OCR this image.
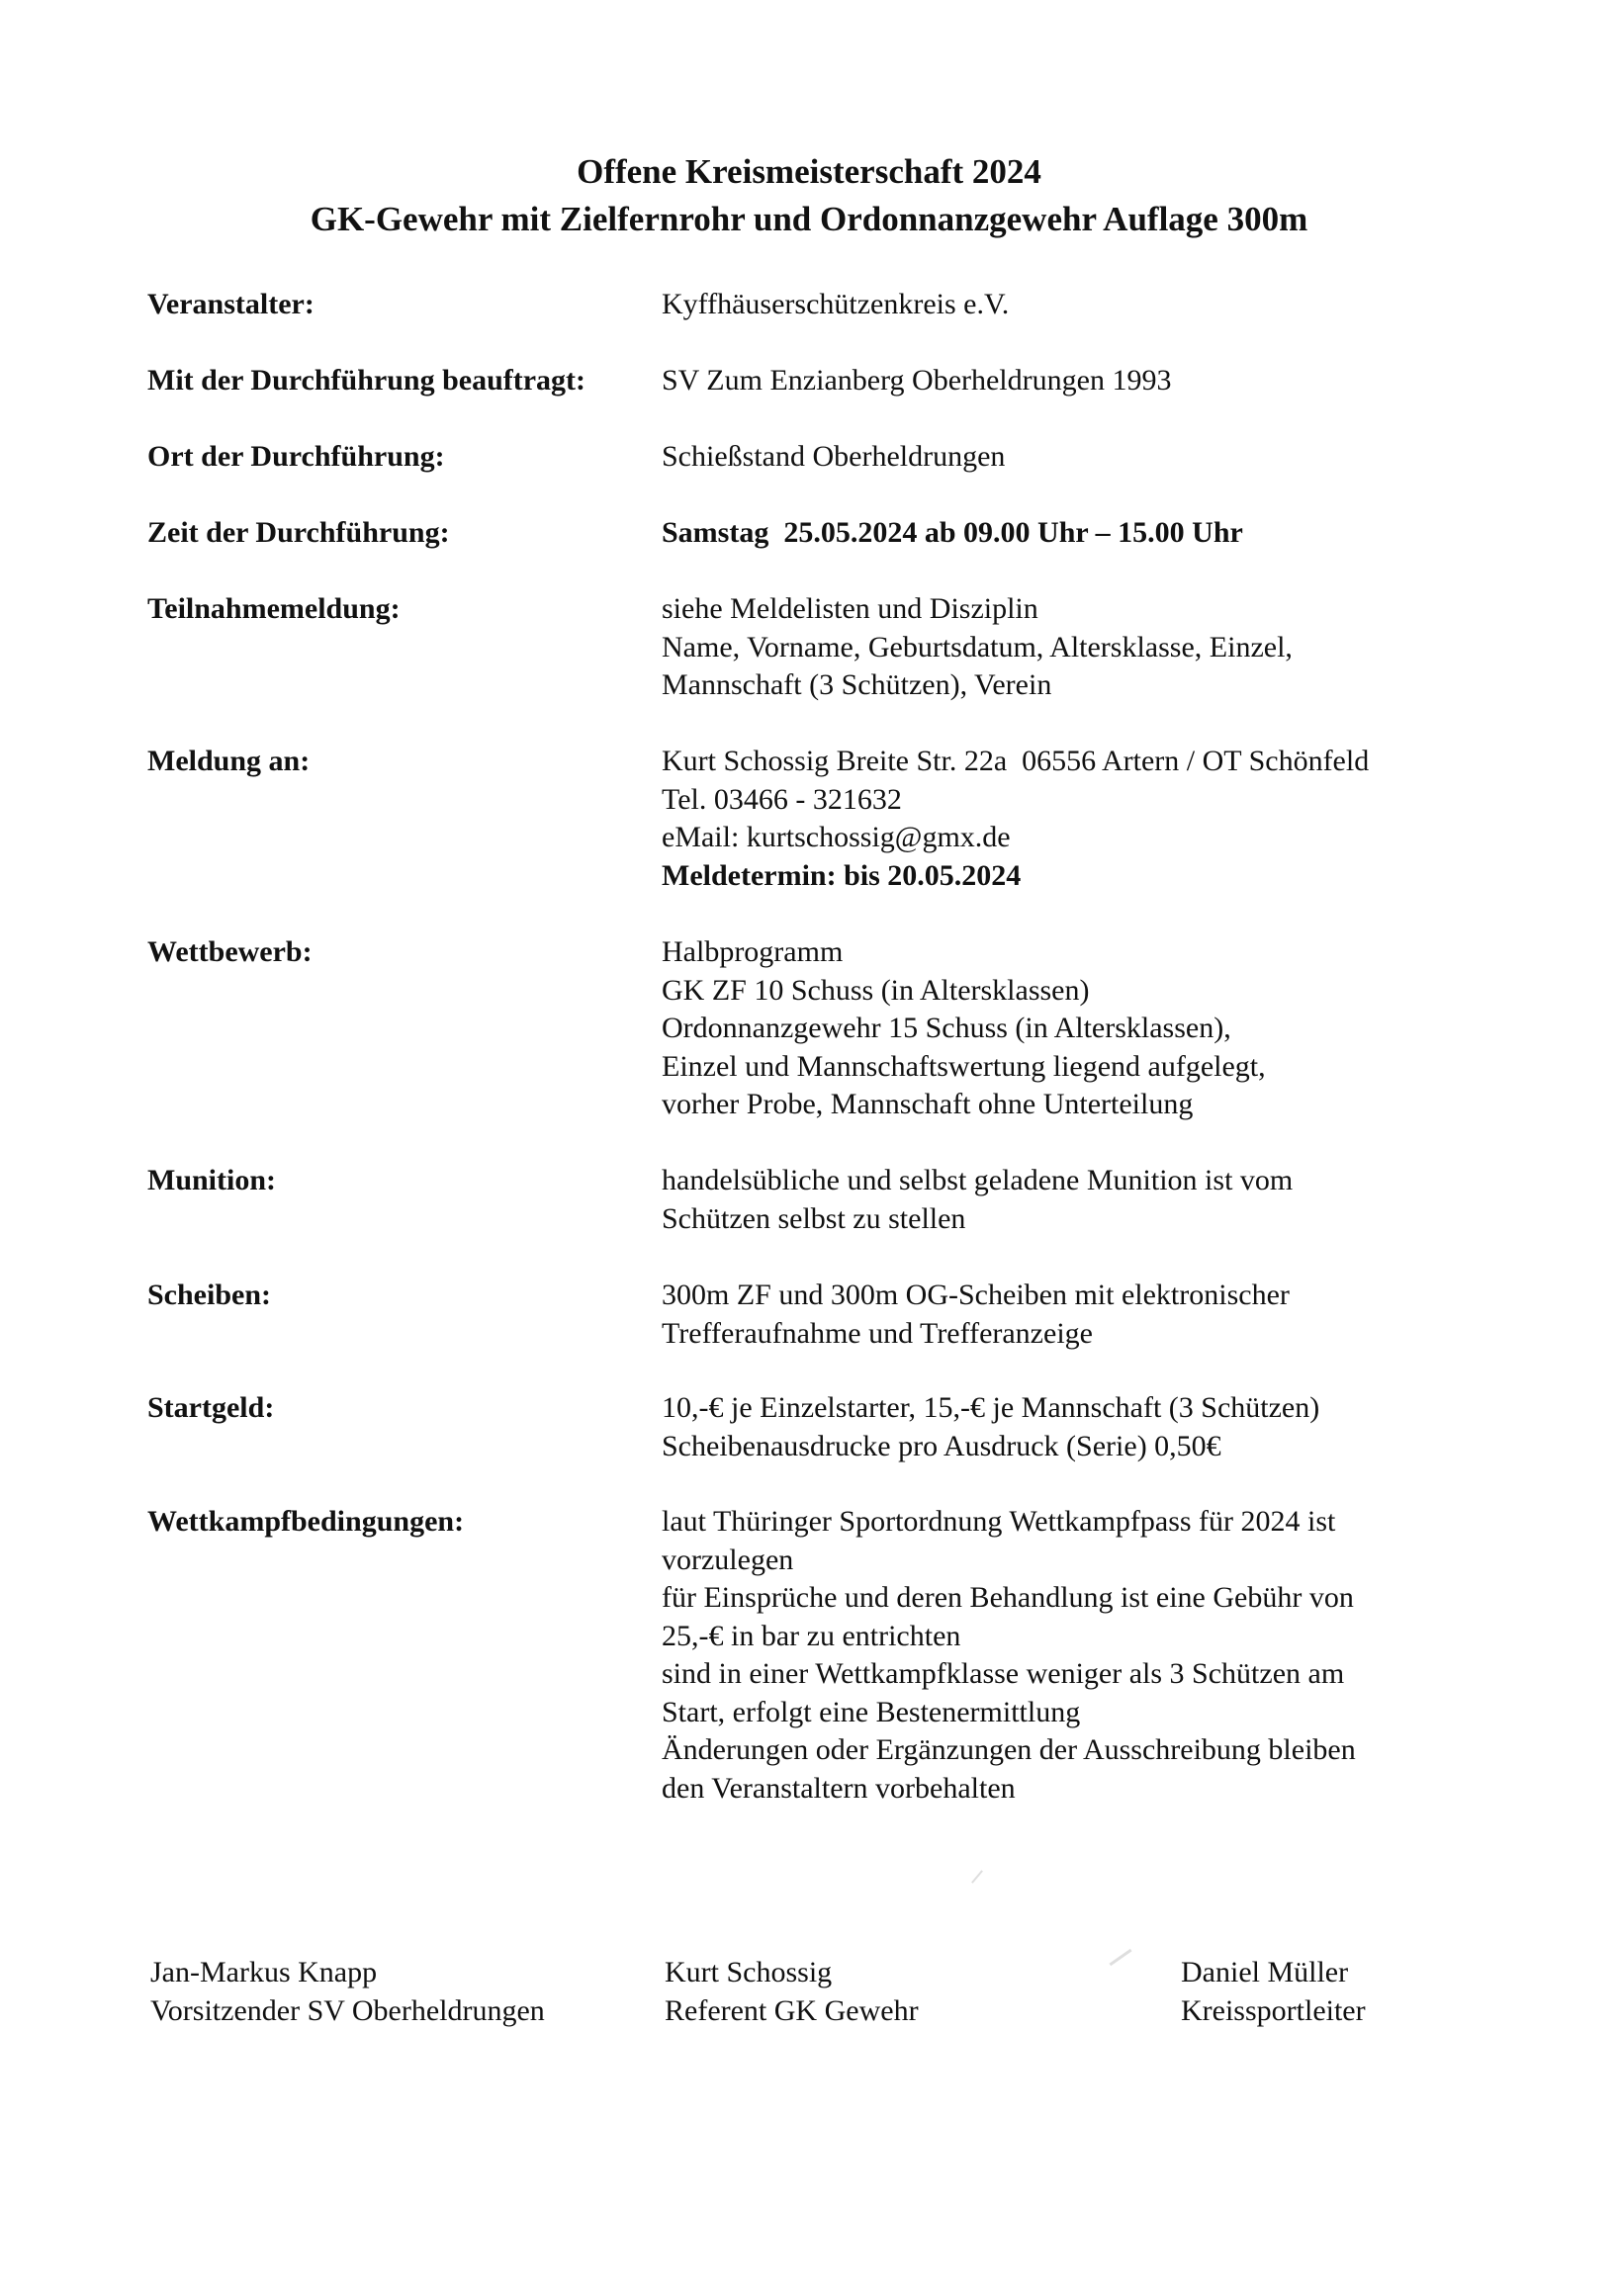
Offene Kreismeisterschaft 2024
GK-Gewehr mit Zielfernrohr und Ordonnanzgewehr Auflage 300m
Veranstalter:	Kyffhäuserschützenkreis e.V.
Mit der Durchführung beauftragt:	SV Zum Enzianberg Oberheldrungen 1993
Ort der Durchführung:	Schießstand Oberheldrungen
Zeit der Durchführung:	Samstag  25.05.2024 ab 09.00 Uhr – 15.00 Uhr
Teilnahmemeldung:	siehe Meldelisten und Disziplin
Name, Vorname, Geburtsdatum, Altersklasse, Einzel,
Mannschaft (3 Schützen), Verein
Meldung an:	Kurt Schossig Breite Str. 22a  06556 Artern / OT Schönfeld
Tel. 03466 - 321632
eMail: kurtschossig@gmx.de
Meldetermin: bis 20.05.2024
Wettbewerb:	Halbprogramm
GK ZF 10 Schuss (in Altersklassen)
Ordonnanzgewehr 15 Schuss (in Altersklassen),
Einzel und Mannschaftswertung liegend aufgelegt,
vorher Probe, Mannschaft ohne Unterteilung
Munition:	handelsübliche und selbst geladene Munition ist vom
Schützen selbst zu stellen
Scheiben:	300m ZF und 300m OG-Scheiben mit elektronischer
Trefferaufnahme und Trefferanzeige
Startgeld:	10,-€ je Einzelstarter, 15,-€ je Mannschaft (3 Schützen)
Scheibenausdrucke pro Ausdruck (Serie) 0,50€
Wettkampfbedingungen:	laut Thüringer Sportordnung Wettkampfpass für 2024 ist
vorzulegen
für Einsprüche und deren Behandlung ist eine Gebühr von
25,-€ in bar zu entrichten
sind in einer Wettkampfklasse weniger als 3 Schützen am
Start, erfolgt eine Bestenermittlung
Änderungen oder Ergänzungen der Ausschreibung bleiben
den Veranstaltern vorbehalten
Jan-Markus Knapp
Vorsitzender SV Oberheldrungen
Kurt Schossig
Referent GK Gewehr
Daniel Müller
Kreissportleiter
